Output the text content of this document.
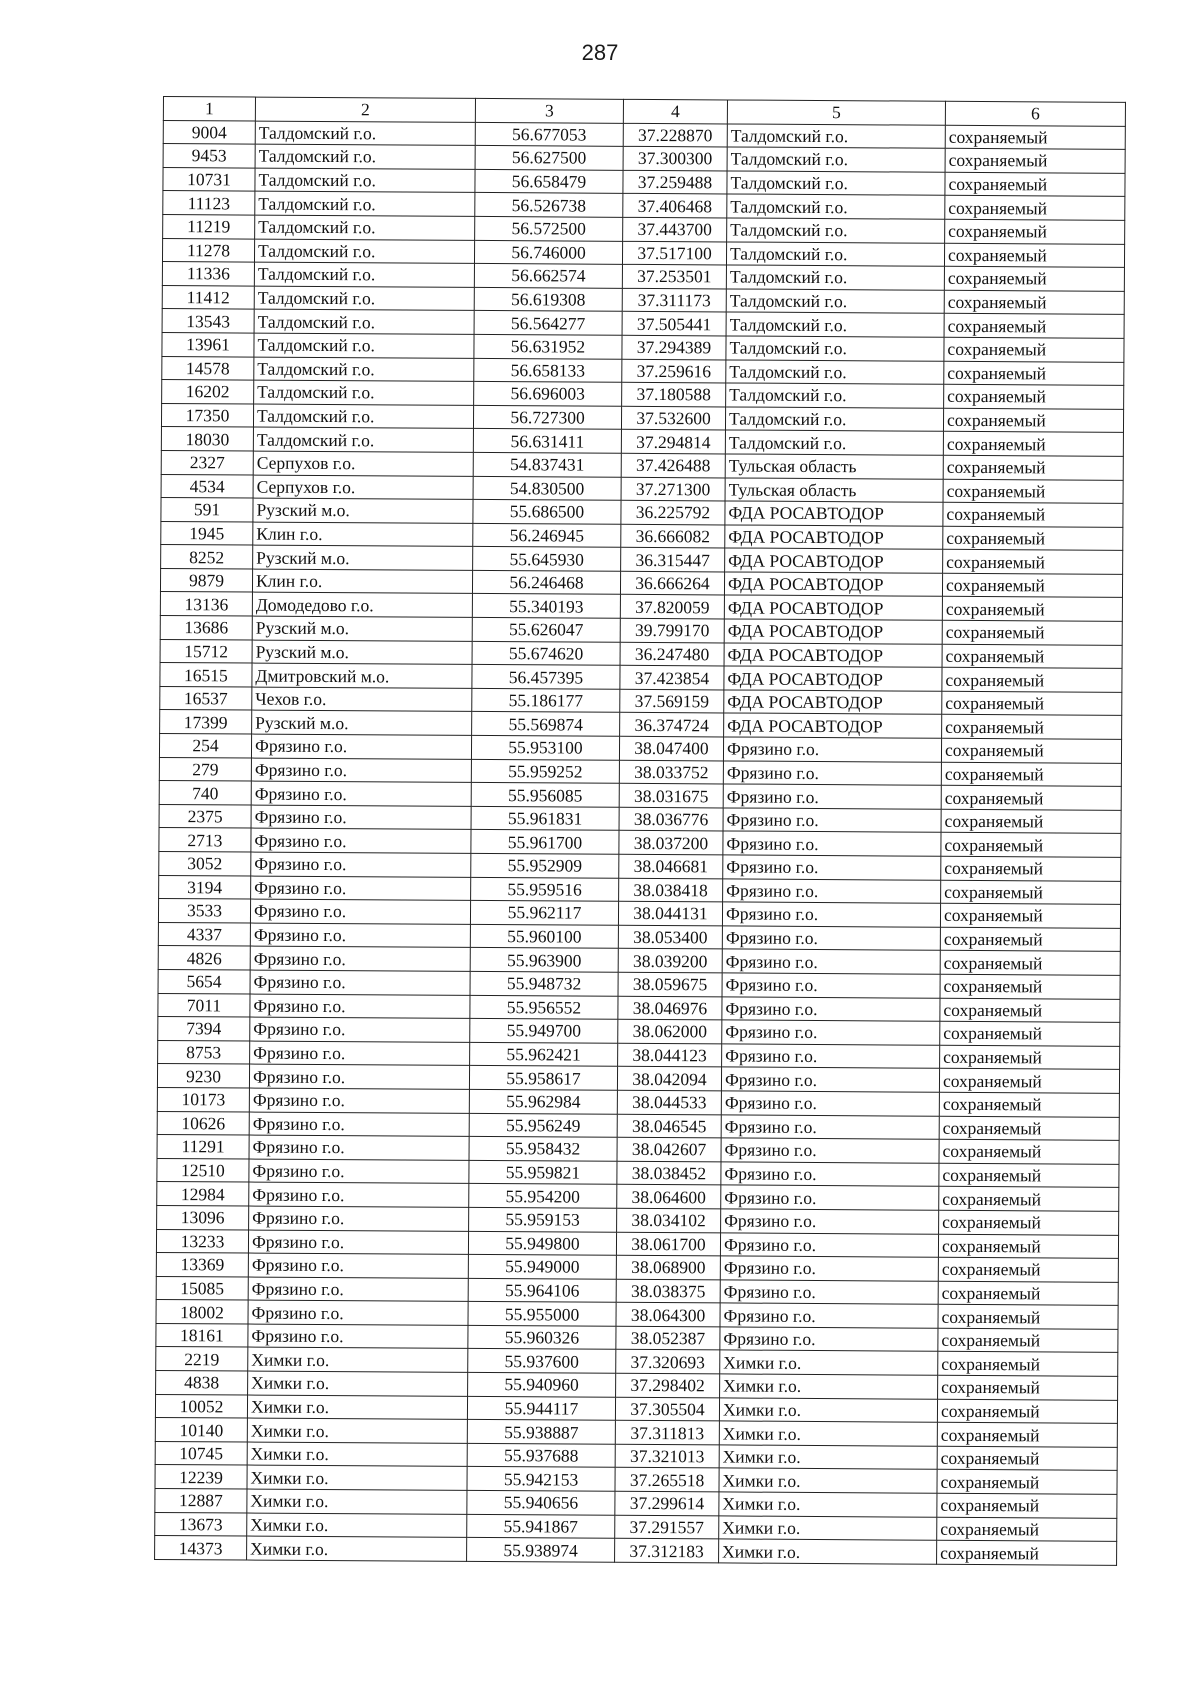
287
1	2	3	4	5	6
9004	Талдомский г.о.	56.677053	37.228870	Талдомский г.о.	сохраняемый
9453	Талдомский г.о.	56.627500	37.300300	Талдомский г.о.	сохраняемый
10731	Талдомский г.о.	56.658479	37.259488	Талдомский г.о.	сохраняемый
11123	Талдомский г.о.	56.526738	37.406468	Талдомский г.о.	сохраняемый
11219	Талдомский г.о.	56.572500	37.443700	Талдомский г.о.	сохраняемый
11278	Талдомский г.о.	56.746000	37.517100	Талдомский г.о.	сохраняемый
11336	Талдомский г.о.	56.662574	37.253501	Талдомский г.о.	сохраняемый
11412	Талдомский г.о.	56.619308	37.311173	Талдомский г.о.	сохраняемый
13543	Талдомский г.о.	56.564277	37.505441	Талдомский г.о.	сохраняемый
13961	Талдомский г.о.	56.631952	37.294389	Талдомский г.о.	сохраняемый
14578	Талдомский г.о.	56.658133	37.259616	Талдомский г.о.	сохраняемый
16202	Талдомский г.о.	56.696003	37.180588	Талдомский г.о.	сохраняемый
17350	Талдомский г.о.	56.727300	37.532600	Талдомский г.о.	сохраняемый
18030	Талдомский г.о.	56.631411	37.294814	Талдомский г.о.	сохраняемый
2327	Серпухов г.о.	54.837431	37.426488	Тульская область	сохраняемый
4534	Серпухов г.о.	54.830500	37.271300	Тульская область	сохраняемый
591	Рузский м.о.	55.686500	36.225792	ФДА РОСАВТОДОР	сохраняемый
1945	Клин г.о.	56.246945	36.666082	ФДА РОСАВТОДОР	сохраняемый
8252	Рузский м.о.	55.645930	36.315447	ФДА РОСАВТОДОР	сохраняемый
9879	Клин г.о.	56.246468	36.666264	ФДА РОСАВТОДОР	сохраняемый
13136	Домодедово г.о.	55.340193	37.820059	ФДА РОСАВТОДОР	сохраняемый
13686	Рузский м.о.	55.626047	39.799170	ФДА РОСАВТОДОР	сохраняемый
15712	Рузский м.о.	55.674620	36.247480	ФДА РОСАВТОДОР	сохраняемый
16515	Дмитровский м.о.	56.457395	37.423854	ФДА РОСАВТОДОР	сохраняемый
16537	Чехов г.о.	55.186177	37.569159	ФДА РОСАВТОДОР	сохраняемый
17399	Рузский м.о.	55.569874	36.374724	ФДА РОСАВТОДОР	сохраняемый
254	Фрязино г.о.	55.953100	38.047400	Фрязино г.о.	сохраняемый
279	Фрязино г.о.	55.959252	38.033752	Фрязино г.о.	сохраняемый
740	Фрязино г.о.	55.956085	38.031675	Фрязино г.о.	сохраняемый
2375	Фрязино г.о.	55.961831	38.036776	Фрязино г.о.	сохраняемый
2713	Фрязино г.о.	55.961700	38.037200	Фрязино г.о.	сохраняемый
3052	Фрязино г.о.	55.952909	38.046681	Фрязино г.о.	сохраняемый
3194	Фрязино г.о.	55.959516	38.038418	Фрязино г.о.	сохраняемый
3533	Фрязино г.о.	55.962117	38.044131	Фрязино г.о.	сохраняемый
4337	Фрязино г.о.	55.960100	38.053400	Фрязино г.о.	сохраняемый
4826	Фрязино г.о.	55.963900	38.039200	Фрязино г.о.	сохраняемый
5654	Фрязино г.о.	55.948732	38.059675	Фрязино г.о.	сохраняемый
7011	Фрязино г.о.	55.956552	38.046976	Фрязино г.о.	сохраняемый
7394	Фрязино г.о.	55.949700	38.062000	Фрязино г.о.	сохраняемый
8753	Фрязино г.о.	55.962421	38.044123	Фрязино г.о.	сохраняемый
9230	Фрязино г.о.	55.958617	38.042094	Фрязино г.о.	сохраняемый
10173	Фрязино г.о.	55.962984	38.044533	Фрязино г.о.	сохраняемый
10626	Фрязино г.о.	55.956249	38.046545	Фрязино г.о.	сохраняемый
11291	Фрязино г.о.	55.958432	38.042607	Фрязино г.о.	сохраняемый
12510	Фрязино г.о.	55.959821	38.038452	Фрязино г.о.	сохраняемый
12984	Фрязино г.о.	55.954200	38.064600	Фрязино г.о.	сохраняемый
13096	Фрязино г.о.	55.959153	38.034102	Фрязино г.о.	сохраняемый
13233	Фрязино г.о.	55.949800	38.061700	Фрязино г.о.	сохраняемый
13369	Фрязино г.о.	55.949000	38.068900	Фрязино г.о.	сохраняемый
15085	Фрязино г.о.	55.964106	38.038375	Фрязино г.о.	сохраняемый
18002	Фрязино г.о.	55.955000	38.064300	Фрязино г.о.	сохраняемый
18161	Фрязино г.о.	55.960326	38.052387	Фрязино г.о.	сохраняемый
2219	Химки г.о.	55.937600	37.320693	Химки г.о.	сохраняемый
4838	Химки г.о.	55.940960	37.298402	Химки г.о.	сохраняемый
10052	Химки г.о.	55.944117	37.305504	Химки г.о.	сохраняемый
10140	Химки г.о.	55.938887	37.311813	Химки г.о.	сохраняемый
10745	Химки г.о.	55.937688	37.321013	Химки г.о.	сохраняемый
12239	Химки г.о.	55.942153	37.265518	Химки г.о.	сохраняемый
12887	Химки г.о.	55.940656	37.299614	Химки г.о.	сохраняемый
13673	Химки г.о.	55.941867	37.291557	Химки г.о.	сохраняемый
14373	Химки г.о.	55.938974	37.312183	Химки г.о.	сохраняемый
